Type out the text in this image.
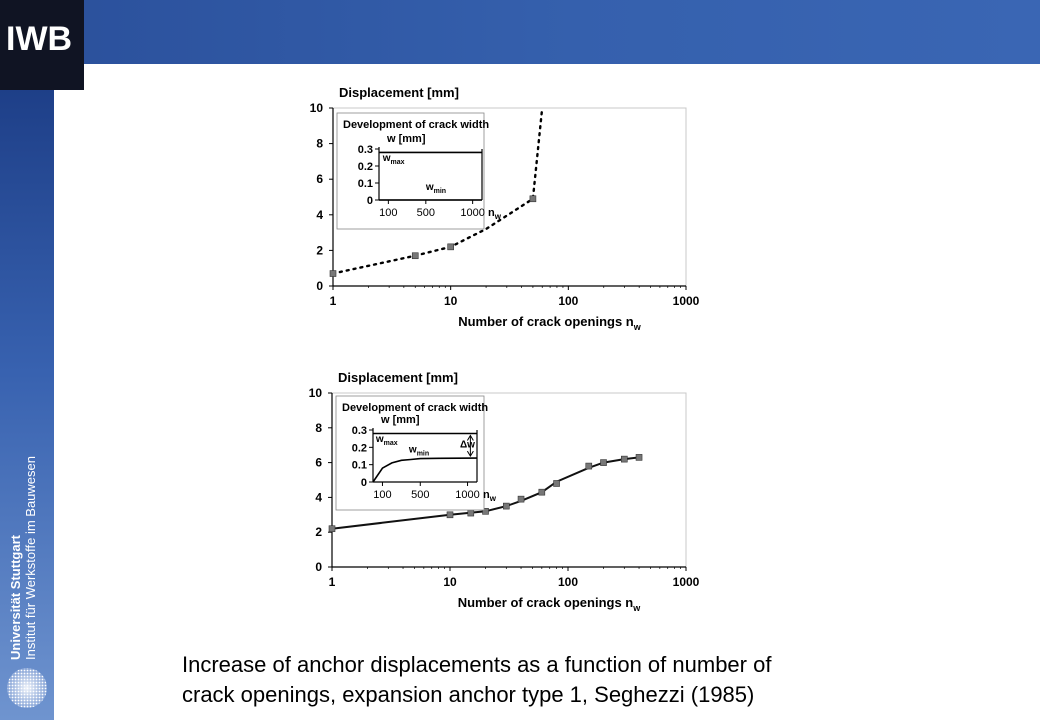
IWB
Universität Stuttgart Institut für Werkstoffe im Bauwesen
Displacement [mm]
0
2
4
6
8
10
1	10	100	1000
Number of crack openings $n_w$
Development of crack width
w [mm]
0
0.1
0.2
0.3
100 500 1000 $n_w$
$w_{max}$
$w_{min}$
Displacement [mm]
0
2
4
6
8
10
1	10	100	1000
Number of crack openings $n_w$
Development of crack width
w [mm]
0
0.1
0.2
0.3
100 500 1000 $n_w$
$w_{max}$
$w_{min}$
Δw
Increase of anchor displacements as a function of number of
crack openings, expansion anchor type 1, Seghezzi (1985)
